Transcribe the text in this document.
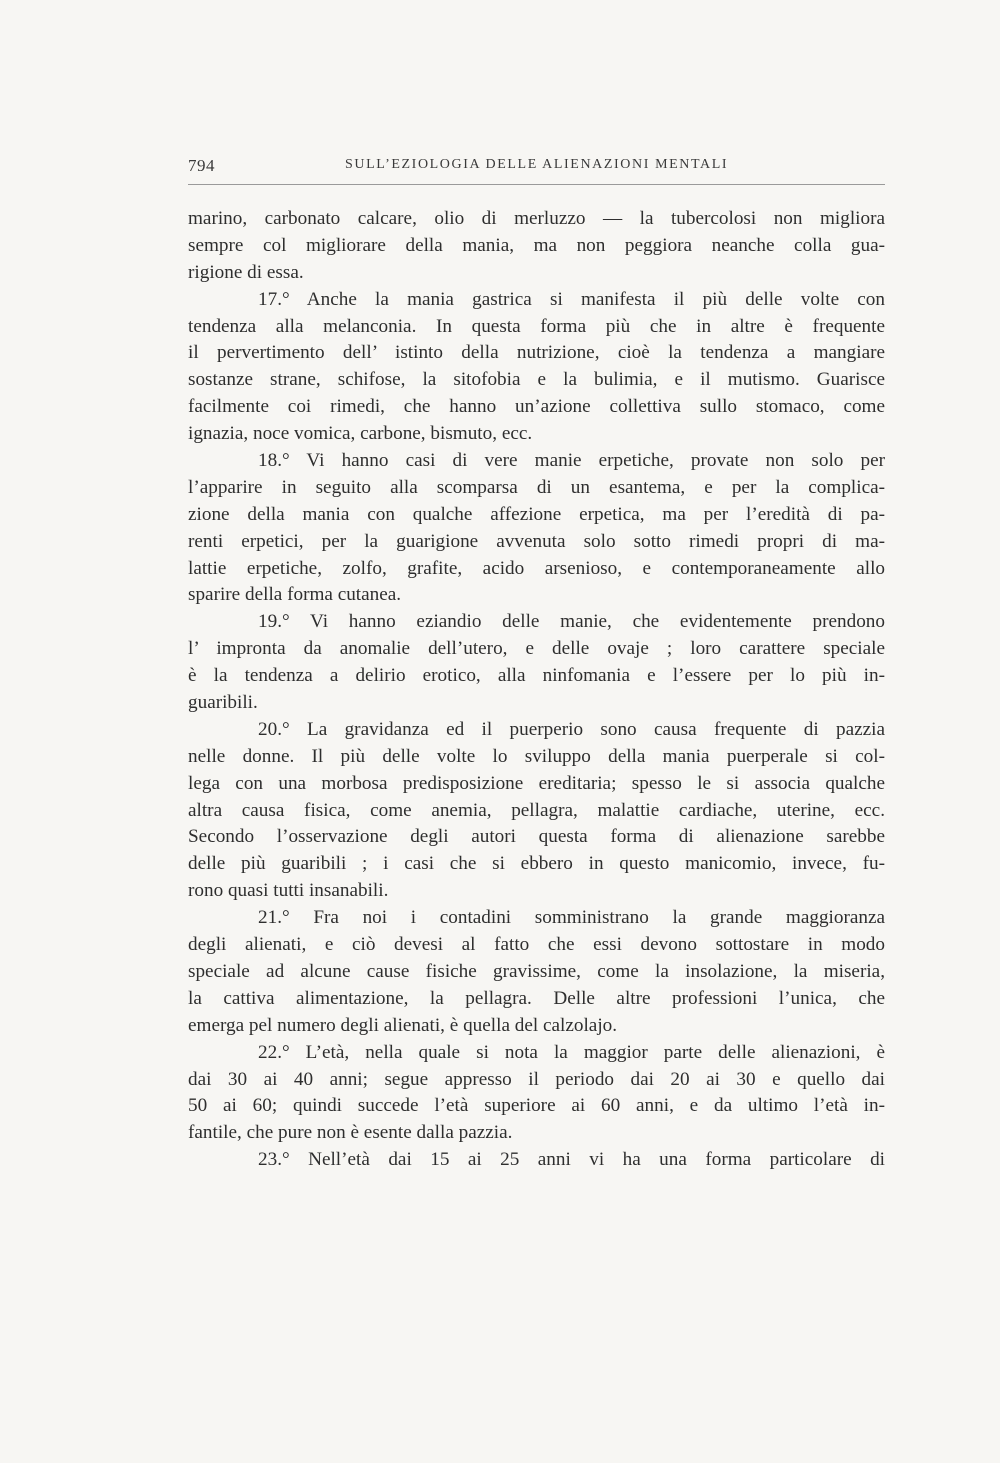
794	SULL’EZIOLOGIA DELLE ALIENAZIONI MENTALI
marino, carbonato calcare, olio di merluzzo — la tubercolosi non migliora
sempre col migliorare della mania, ma non peggiora neanche colla gua-
rigione di essa.
17.° Anche la mania gastrica si manifesta il più delle volte con
tendenza alla melanconia. In questa forma più che in altre è frequente
il pervertimento dell’ istinto della nutrizione, cioè la tendenza a mangiare
sostanze strane, schifose, la sitofobia e la bulimia, e il mutismo. Guarisce
facilmente coi rimedi, che hanno un’azione collettiva sullo stomaco, come
ignazia, noce vomica, carbone, bismuto, ecc.
18.° Vi hanno casi di vere manie erpetiche, provate non solo per
l’apparire in seguito alla scomparsa di un esantema, e per la complica-
zione della mania con qualche affezione erpetica, ma per l’eredità di pa-
renti erpetici, per la guarigione avvenuta solo sotto rimedi propri di ma-
lattie erpetiche, zolfo, grafite, acido arsenioso, e contemporaneamente allo
sparire della forma cutanea.
19.° Vi hanno eziandio delle manie, che evidentemente prendono
l’ impronta da anomalie dell’utero, e delle ovaje ; loro carattere speciale
è la tendenza a delirio erotico, alla ninfomania e l’essere per lo più in-
guaribili.
20.° La gravidanza ed il puerperio sono causa frequente di pazzia
nelle donne. Il più delle volte lo sviluppo della mania puerperale si col-
lega con una morbosa predisposizione ereditaria; spesso le si associa qualche
altra causa fisica, come anemia, pellagra, malattie cardiache, uterine, ecc.
Secondo l’osservazione degli autori questa forma di alienazione sarebbe
delle più guaribili ; i casi che si ebbero in questo manicomio, invece, fu-
rono quasi tutti insanabili.
21.° Fra noi i contadini somministrano la grande maggioranza
degli alienati, e ciò devesi al fatto che essi devono sottostare in modo
speciale ad alcune cause fisiche gravissime, come la insolazione, la miseria,
la cattiva alimentazione, la pellagra. Delle altre professioni l’unica, che
emerga pel numero degli alienati, è quella del calzolajo.
22.° L’età, nella quale si nota la maggior parte delle alienazioni, è
dai 30 ai 40 anni; segue appresso il periodo dai 20 ai 30 e quello dai
50 ai 60; quindi succede l’età superiore ai 60 anni, e da ultimo l’età in-
fantile, che pure non è esente dalla pazzia.
23.° Nell’età dai 15 ai 25 anni vi ha una forma particolare di
